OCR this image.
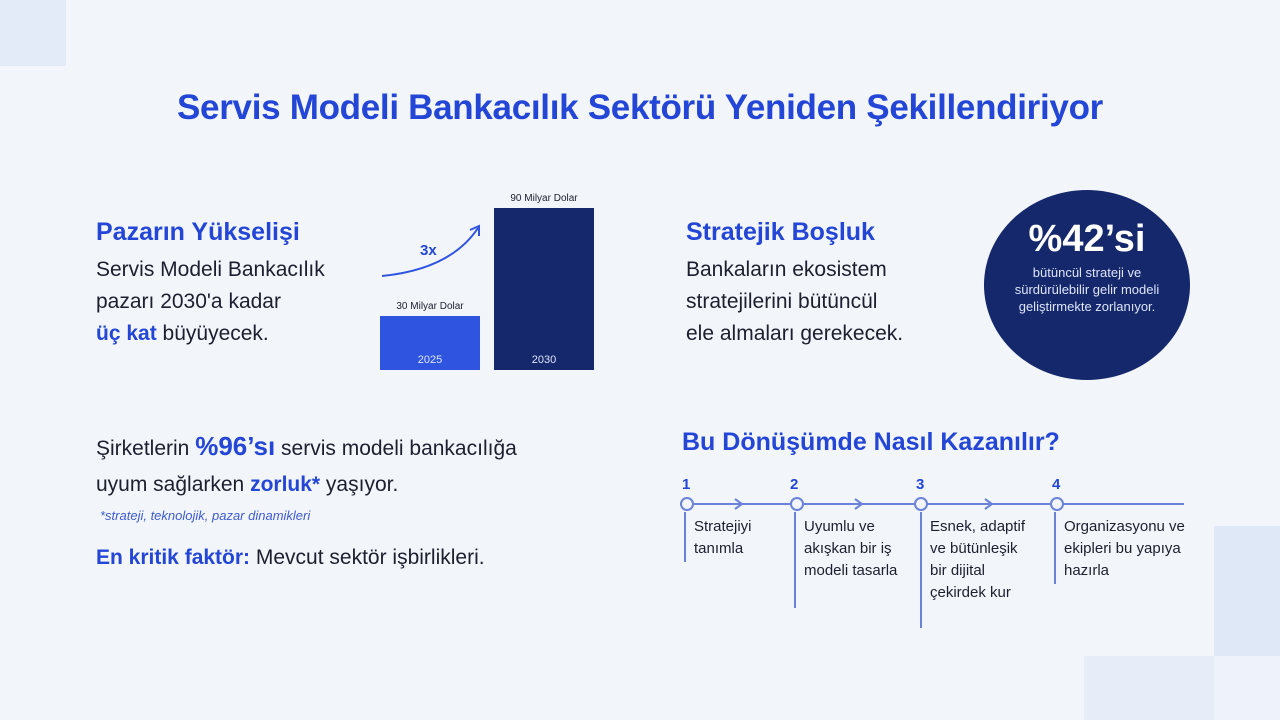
Servis Modeli Bankacılık Sektörü Yeniden Şekillendiriyor
Pazarın Yükselişi
Servis Modeli Bankacılık
pazarı 2030'a kadar
üç kat büyüyecek.
3x
2025
30 Milyar Dolar
2030
90 Milyar Dolar
Stratejik Boşluk
Bankaların ekosistem
stratejilerini bütüncül
ele almaları gerekecek.
%42’si
bütüncül strateji ve sürdürülebilir gelir modeli geliştirmekte zorlanıyor.
Şirketlerin %96’sı servis modeli bankacılığa
uyum sağlarken zorluk* yaşıyor.
*strateji, teknolojik, pazar dinamikleri
En kritik faktör: Mevcut sektör işbirlikleri.
Bu Dönüşümde Nasıl Kazanılır?
1	2	3	4
Stratejiyi tanımla
Uyumlu ve akışkan bir iş modeli tasarla
Esnek, adaptif ve bütünleşik bir dijital çekirdek kur
Organizasyonu ve ekipleri bu yapıya hazırla
